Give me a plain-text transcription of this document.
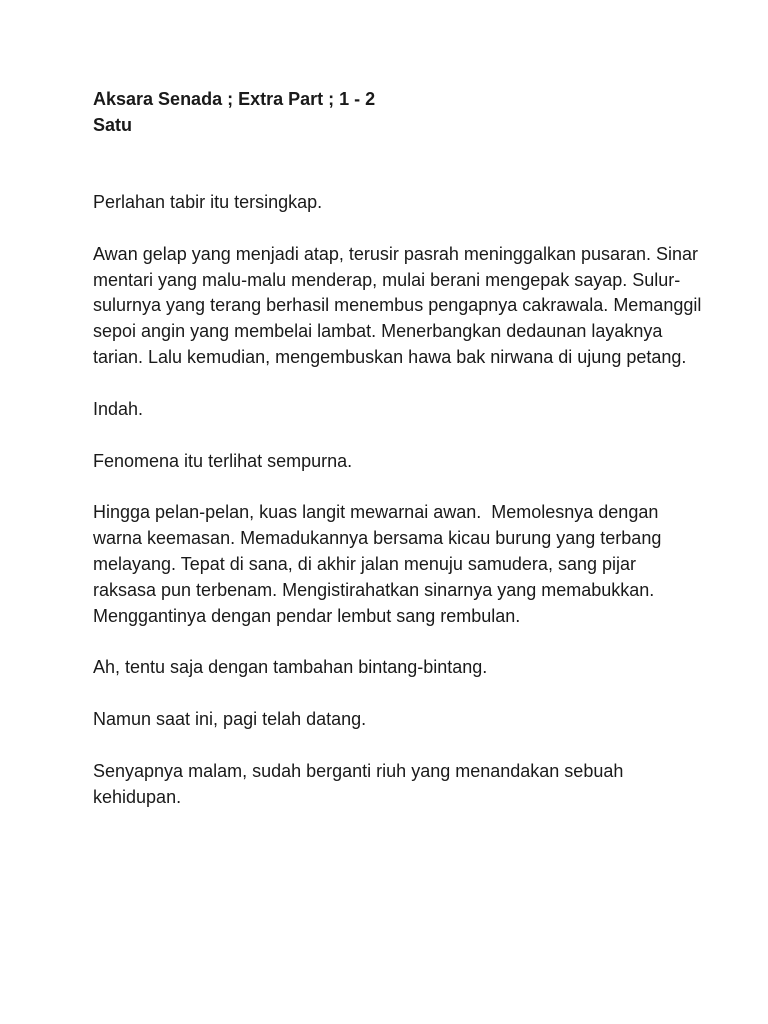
Aksara Senada ; Extra Part ; 1 - 2

Satu

Perlahan tabir itu tersingkap.

Awan gelap yang menjadi atap, terusir pasrah meninggalkan pusaran. Sinar mentari yang malu-malu menderap, mulai berani mengepak sayap. Sulur-sulurnya yang terang berhasil menembus pengapnya cakrawala. Memanggil sepoi angin yang membelai lambat. Menerbangkan dedaunan layaknya tarian. Lalu kemudian, mengembuskan hawa bak nirwana di ujung petang.

Indah.

Fenomena itu terlihat sempurna.

Hingga pelan-pelan, kuas langit mewarnai awan.  Memolesnya dengan warna keemasan. Memadukannya bersama kicau burung yang terbang melayang. Tepat di sana, di akhir jalan menuju samudera, sang pijar raksasa pun terbenam. Mengistirahatkan sinarnya yang memabukkan. Menggantinya dengan pendar lembut sang rembulan.

Ah, tentu saja dengan tambahan bintang-bintang.

Namun saat ini, pagi telah datang.

Senyapnya malam, sudah berganti riuh yang menandakan sebuah kehidupan.
